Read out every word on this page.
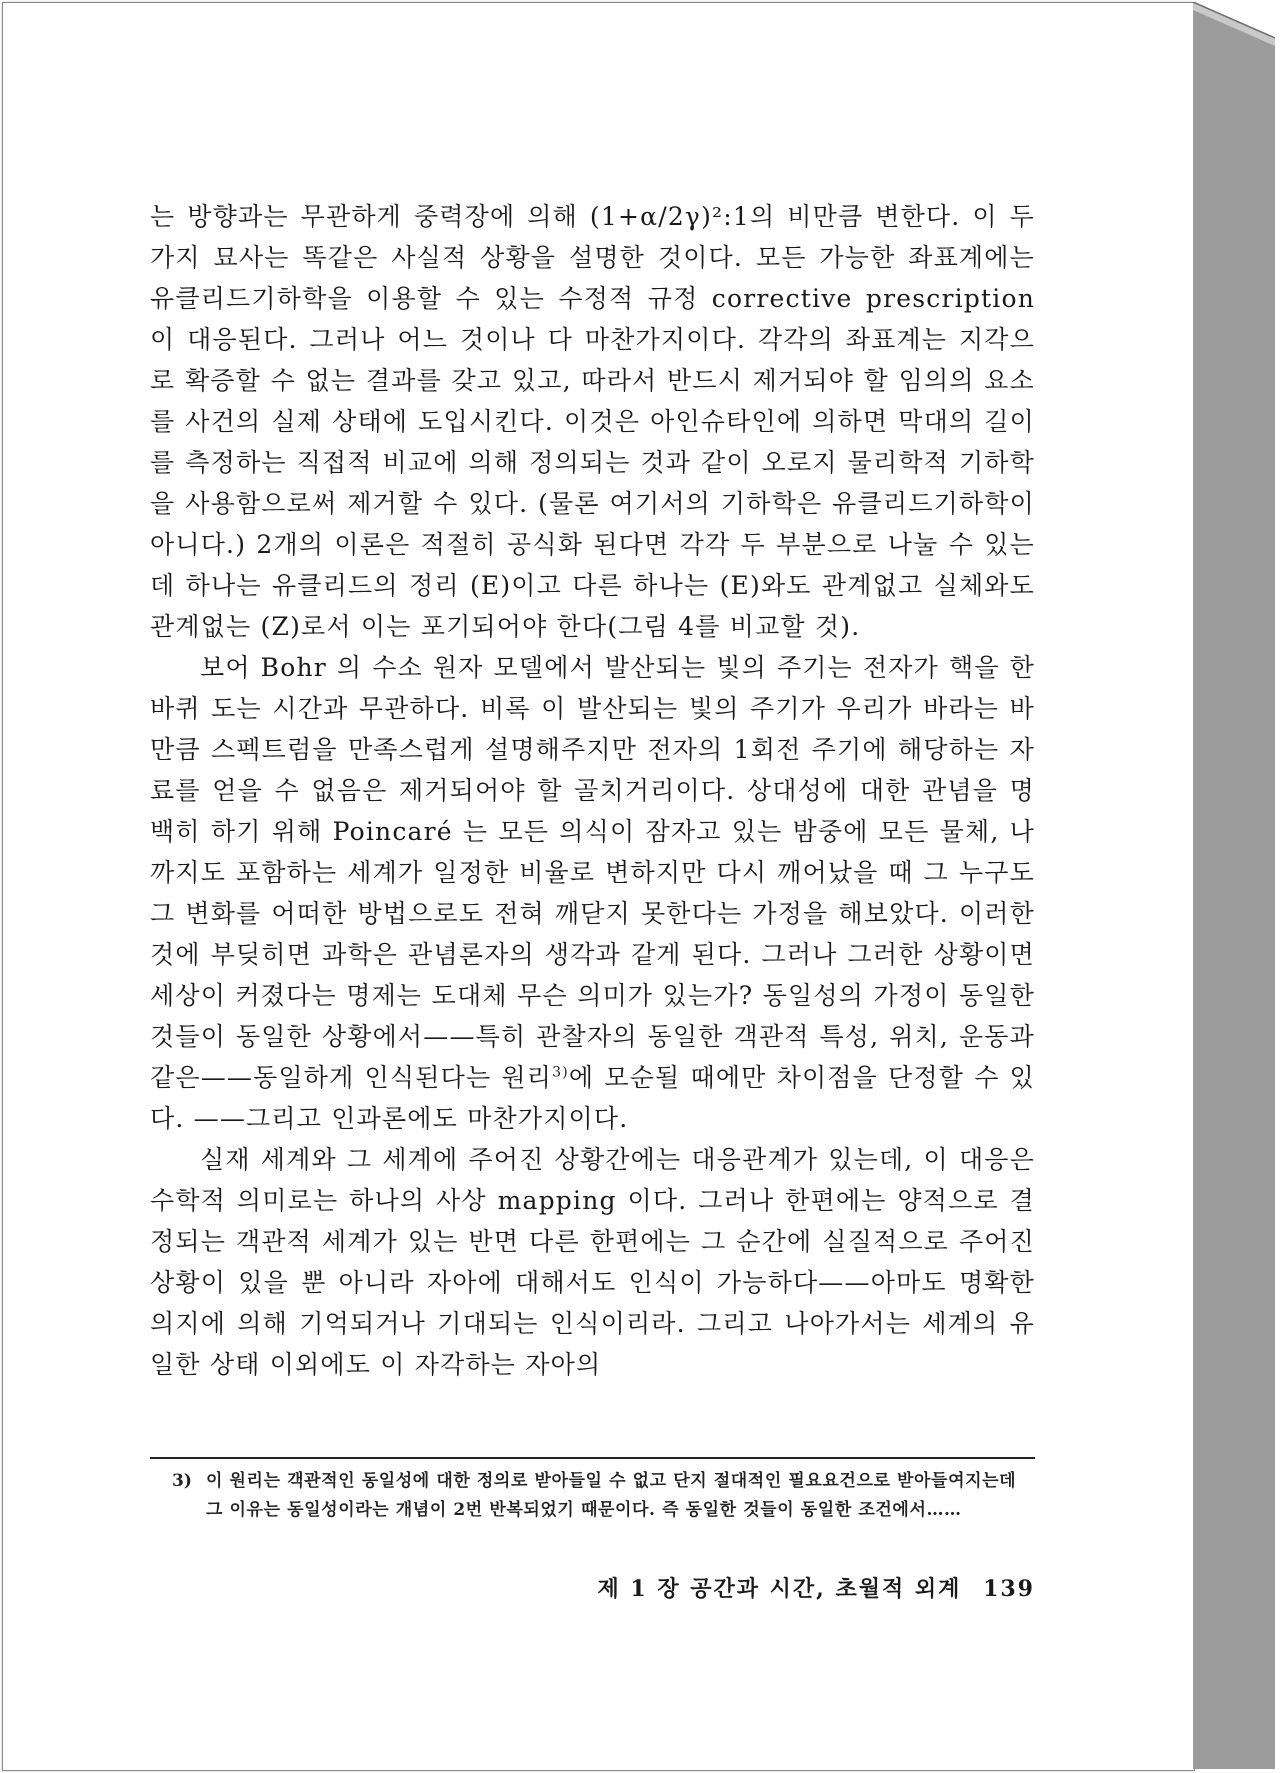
는 방향과는 무관하게 중력장에 의해 (1+α/2γ)²:1의 비만큼 변한다. 이 두 가지 묘사는 똑같은 사실적 상황을 설명한 것이다. 모든 가능한 좌표계에는 유클리드기하학을 이용할 수 있는 수정적 규정 corrective prescription 이 대응된다. 그러나 어느 것이나 다 마찬가지이다. 각각의 좌표계는 지각으로 확증할 수 없는 결과를 갖고 있고, 따라서 반드시 제거되야 할 임의의 요소를 사건의 실제 상태에 도입시킨다. 이것은 아인슈타인에 의하면 막대의 길이를 측정하는 직접적 비교에 의해 정의되는 것과 같이 오로지 물리학적 기하학을 사용함으로써 제거할 수 있다. (물론 여기서의 기하학은 유클리드기하학이 아니다.) 2개의 이론은 적절히 공식화 된다면 각각 두 부분으로 나눌 수 있는데 하나는 유클리드의 정리 (E)이고 다른 하나는 (E)와도 관계없고 실체와도 관계없는 (Z)로서 이는 포기되어야 한다(그림 4를 비교할 것).

보어 Bohr 의 수소 원자 모델에서 발산되는 빛의 주기는 전자가 핵을 한바퀴 도는 시간과 무관하다. 비록 이 발산되는 빛의 주기가 우리가 바라는 바만큼 스펙트럼을 만족스럽게 설명해주지만 전자의 1회전 주기에 해당하는 자료를 얻을 수 없음은 제거되어야 할 골치거리이다. 상대성에 대한 관념을 명백히 하기 위해 Poincaré 는 모든 의식이 잠자고 있는 밤중에 모든 물체, 나까지도 포함하는 세계가 일정한 비율로 변하지만 다시 깨어났을 때 그 누구도 그 변화를 어떠한 방법으로도 전혀 깨닫지 못한다는 가정을 해보았다. 이러한 것에 부딪히면 과학은 관념론자의 생각과 같게 된다. 그러나 그러한 상황이면 세상이 커졌다는 명제는 도대체 무슨 의미가 있는가? 동일성의 가정이 동일한 것들이 동일한 상황에서——특히 관찰자의 동일한 객관적 특성, 위치, 운동과 같은——동일하게 인식된다는 원리$^{3)}$에 모순될 때에만 차이점을 단정할 수 있다. ——그리고 인과론에도 마찬가지이다.

실재 세계와 그 세계에 주어진 상황간에는 대응관계가 있는데, 이 대응은 수학적 의미로는 하나의 사상 mapping 이다. 그러나 한편에는 양적으로 결정되는 객관적 세계가 있는 반면 다른 한편에는 그 순간에 실질적으로 주어진 상황이 있을 뿐 아니라 자아에 대해서도 인식이 가능하다——아마도 명확한 의지에 의해 기억되거나 기대되는 인식이리라. 그리고 나아가서는 세계의 유일한 상태 이외에도 이 자각하는 자아의

3) 이 원리는 객관적인 동일성에 대한 정의로 받아들일 수 없고 단지 절대적인 필요요건으로 받아들여지는데 그 이유는 동일성이라는 개념이 2번 반복되었기 때문이다. 즉 동일한 것들이 동일한 조건에서……
제 1 장 공간과 시간, 초월적 외계 139
